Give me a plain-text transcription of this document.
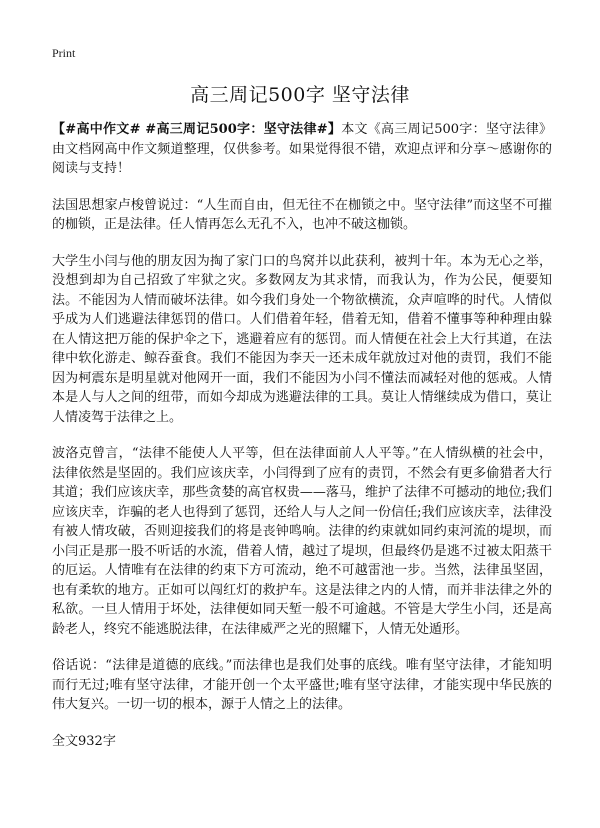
Print
高三周记500字 坚守法律

【#高中作文# #高三周记500字：坚守法律#】本文《高三周记500字：坚守法律》由文档网高中作文频道整理，仅供参考。如果觉得很不错，欢迎点评和分享～感谢你的阅读与支持！

法国思想家卢梭曾说过：“人生而自由，但无往不在枷锁之中。坚守法律”而这坚不可摧的枷锁，正是法律。任人情再怎么无孔不入，也冲不破这枷锁。

大学生小闫与他的朋友因为掏了家门口的鸟窝并以此获利，被判十年。本为无心之举，没想到却为自己招致了牢狱之灾。多数网友为其求情，而我认为，作为公民，便要知法。不能因为人情而破坏法律。如今我们身处一个物欲横流，众声喧哗的时代。人情似乎成为人们逃避法律惩罚的借口。人们借着年轻，借着无知，借着不懂事等种种理由躲在人情这把万能的保护伞之下，逃避着应有的惩罚。而人情便在社会上大行其道，在法律中软化游走、鲸吞蚕食。我们不能因为李天一还未成年就放过对他的责罚，我们不能因为柯震东是明星就对他网开一面，我们不能因为小闫不懂法而减轻对他的惩戒。人情本是人与人之间的纽带，而如今却成为逃避法律的工具。莫让人情继续成为借口，莫让人情凌驾于法律之上。

波洛克曾言，“法律不能使人人平等，但在法律面前人人平等。”在人情纵横的社会中，法律依然是坚固的。我们应该庆幸，小闫得到了应有的责罚，不然会有更多偷猎者大行其道；我们应该庆幸，那些贪婪的高官权贵——落马，维护了法律不可撼动的地位;我们应该庆幸，诈骗的老人也得到了惩罚，还给人与人之间一份信任;我们应该庆幸，法律没有被人情攻破，否则迎接我们的将是丧钟鸣响。法律的约束就如同约束河流的堤坝，而小闫正是那一股不听话的水流，借着人情，越过了堤坝，但最终仍是逃不过被太阳蒸干的厄运。人情唯有在法律的约束下方可流动，绝不可越雷池一步。当然，法律虽坚固，也有柔软的地方。正如可以闯红灯的救护车。这是法律之内的人情，而并非法律之外的私欲。一旦人情用于坏处，法律便如同天堑一般不可逾越。不管是大学生小闫，还是高龄老人，终究不能逃脱法律，在法律威严之光的照耀下，人情无处遁形。

俗话说：“法律是道德的底线。”而法律也是我们处事的底线。唯有坚守法律，才能知明而行无过;唯有坚守法律，才能开创一个太平盛世;唯有坚守法律，才能实现中华民族的伟大复兴。一切一切的根本，源于人情之上的法律。

全文932字
